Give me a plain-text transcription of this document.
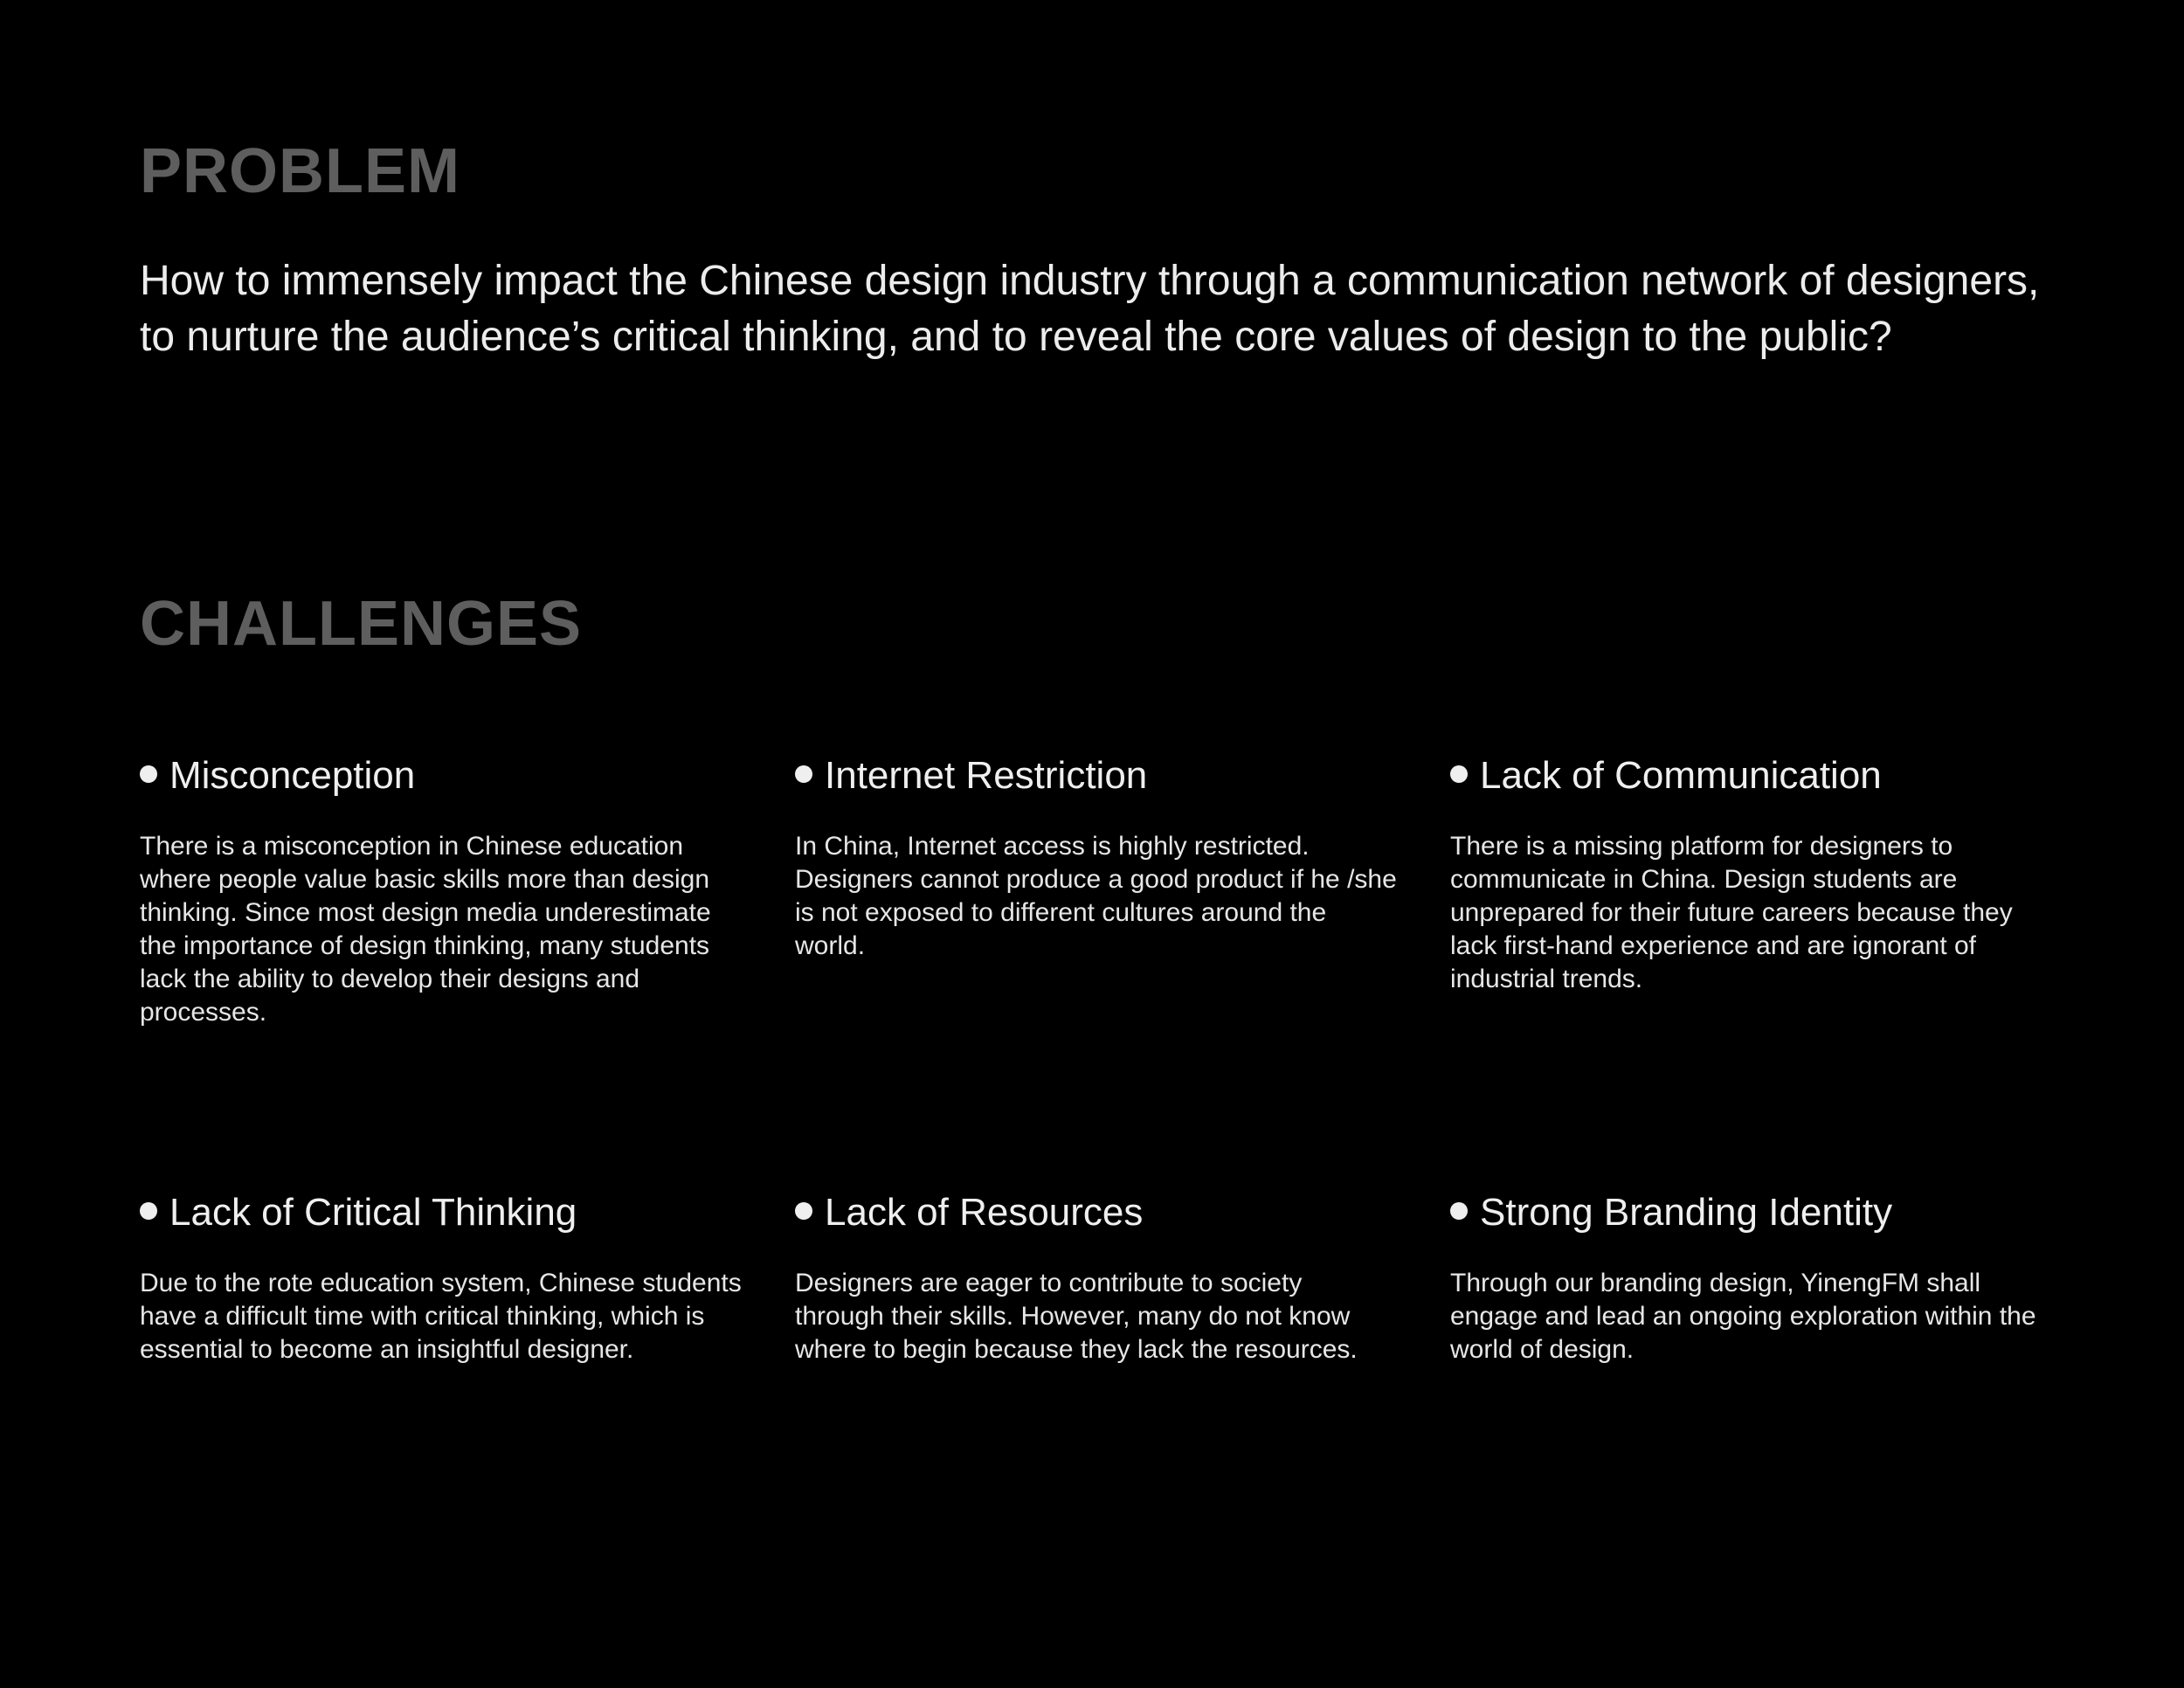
PROBLEM

How to immensely impact the Chinese design industry through a communication network of designers, to nurture the audience’s critical thinking, and to reveal the core values of design to the public?

CHALLENGES
Misconception

There is a misconception in Chinese education where people value basic skills more than design thinking. Since most design media underestimate the importance of design thinking, many students lack the ability to develop their designs and processes.

Internet Restriction

In China, Internet access is highly restricted. Designers cannot produce a good product if he /she is not exposed to different cultures around the world.

Lack of Communication

There is a missing platform for designers to communicate in China. Design students are unprepared for their future careers because they lack first-hand experience and are ignorant of industrial trends.

Lack of Critical Thinking

Due to the rote education system, Chinese students have a difficult time with critical thinking, which is essential to become an insightful designer.

Lack of Resources

Designers are eager to contribute to society through their skills. However, many do not know where to begin because they lack the resources.

Strong Branding Identity

Through our branding design, YinengFM shall engage and lead an ongoing exploration within the world of design.
